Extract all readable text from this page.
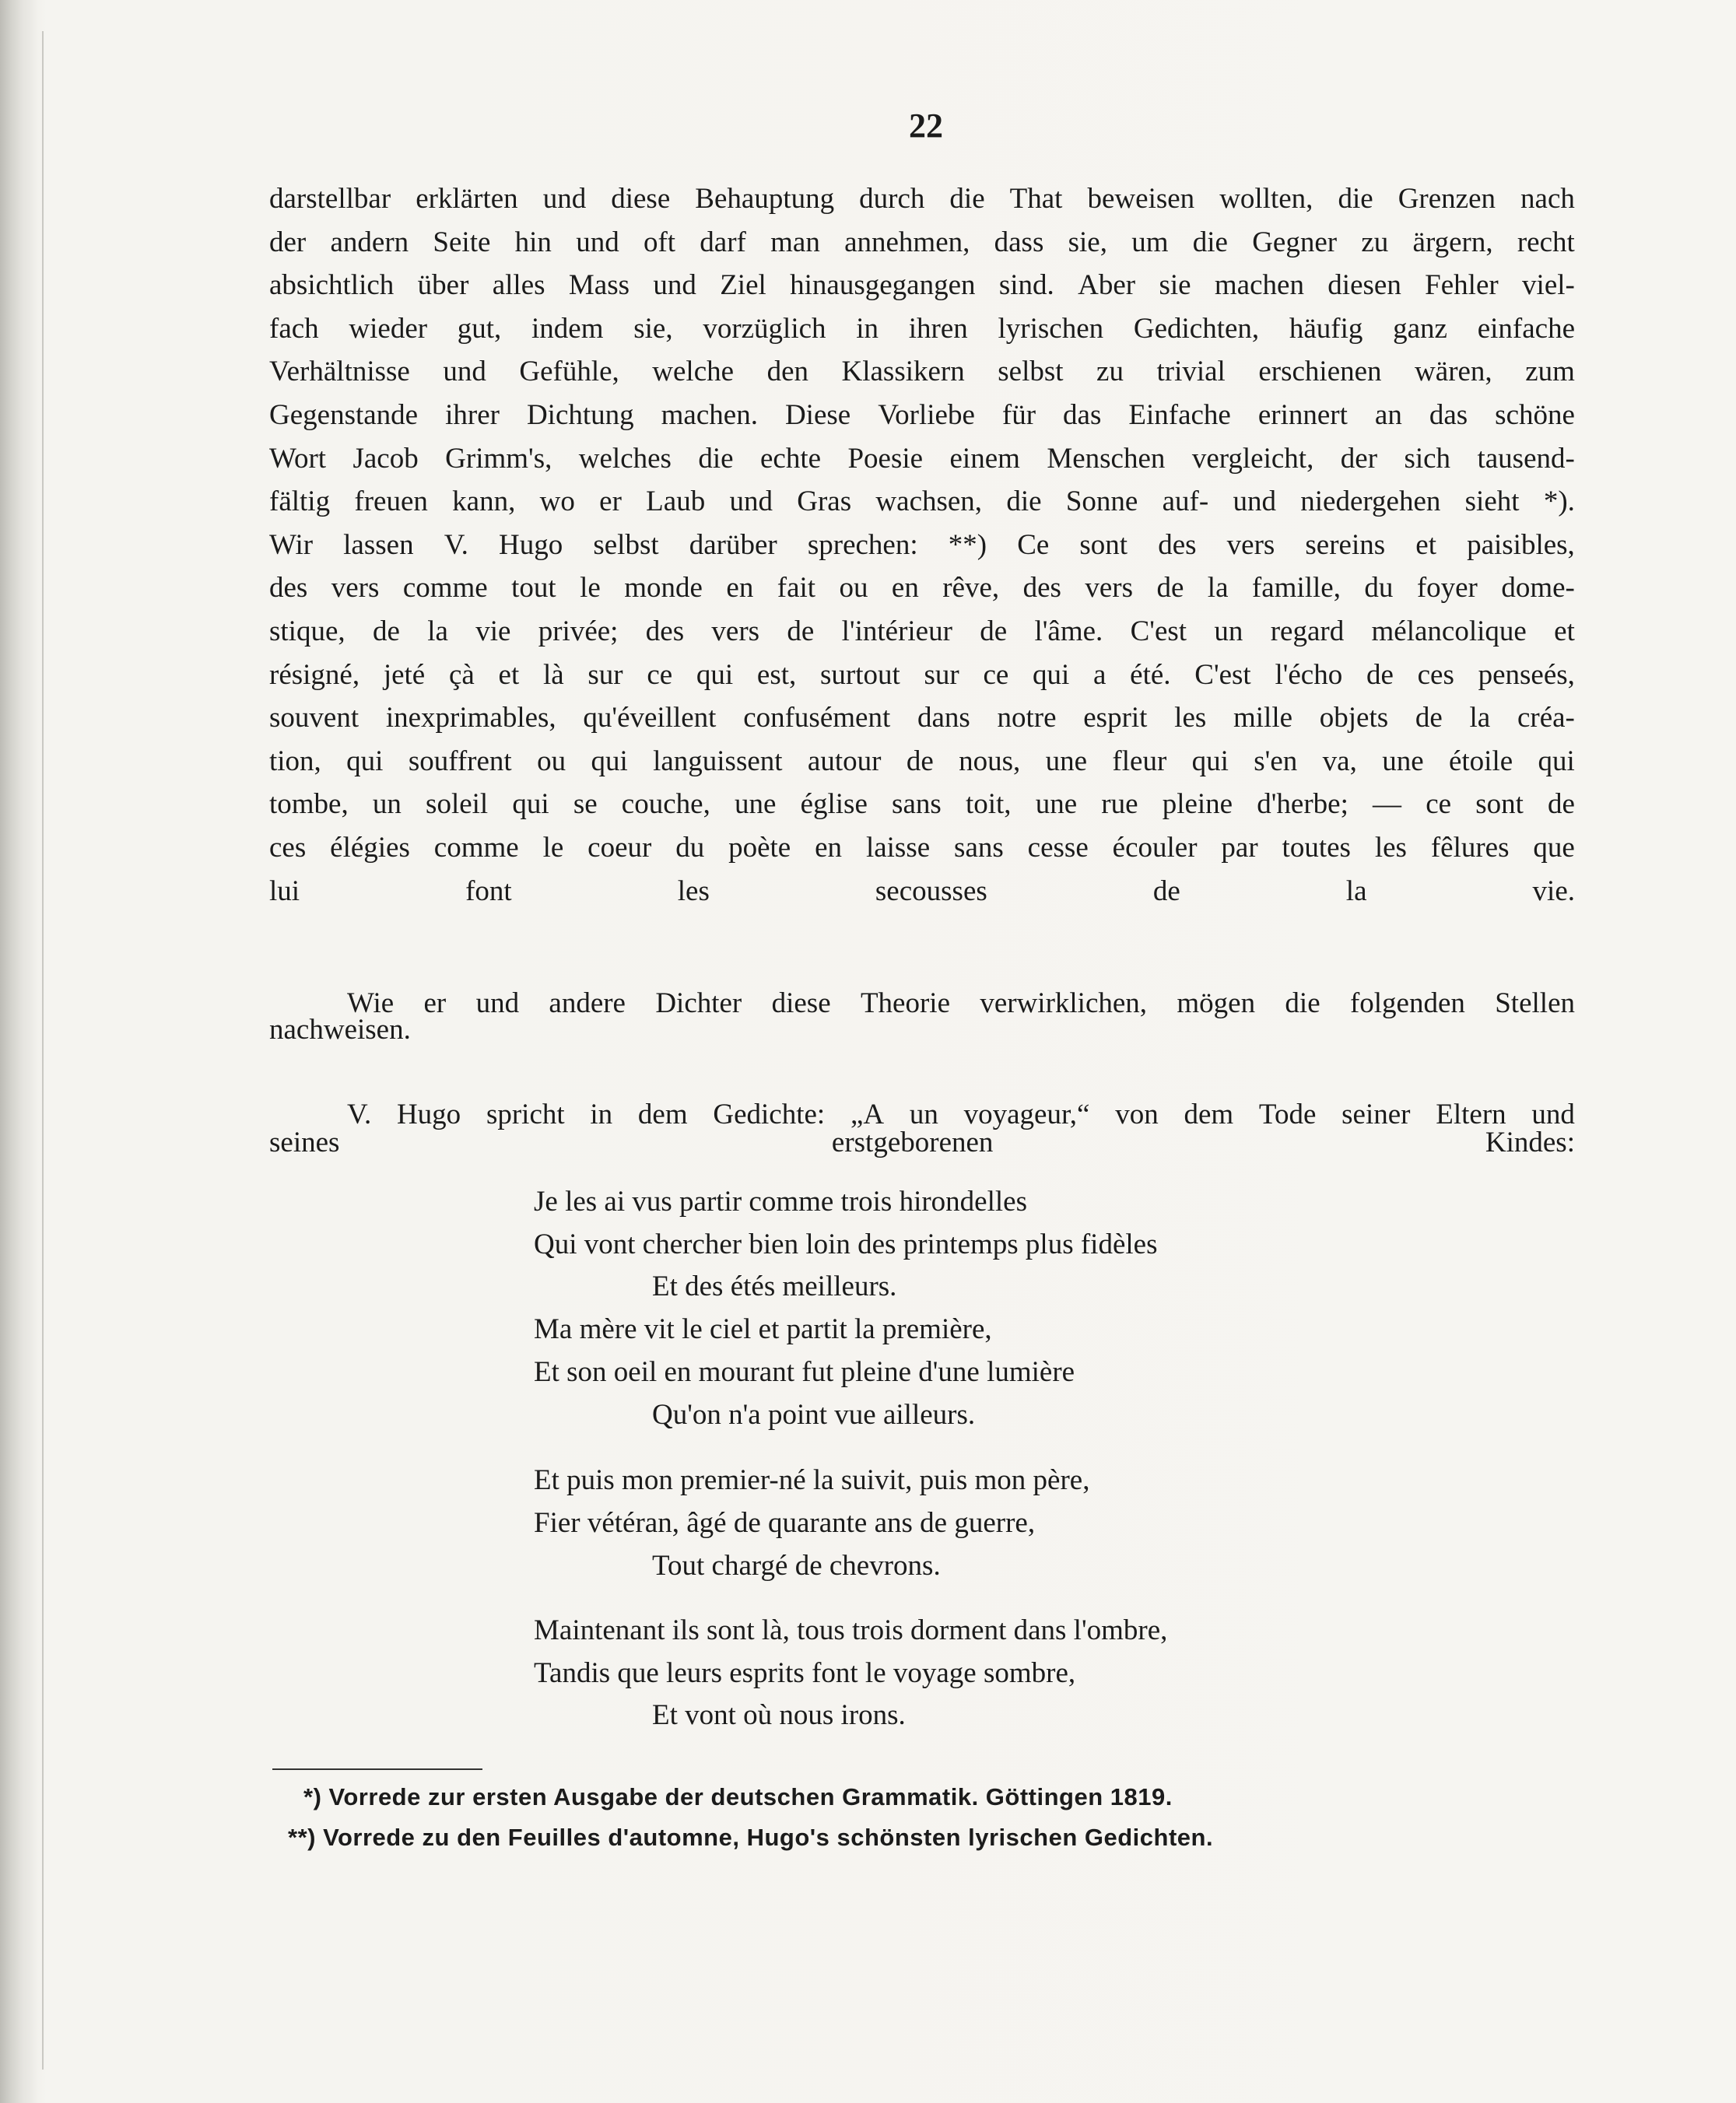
22
darstellbar erklärten und diese Behauptung durch die That beweisen wollten, die Grenzen nach
der andern Seite hin und oft darf man annehmen, dass sie, um die Gegner zu ärgern, recht
absichtlich über alles Mass und Ziel hinausgegangen sind. Aber sie machen diesen Fehler viel-
fach wieder gut, indem sie, vorzüglich in ihren lyrischen Gedichten, häufig ganz einfache
Verhältnisse und Gefühle, welche den Klassikern selbst zu trivial erschienen wären, zum
Gegenstande ihrer Dichtung machen. Diese Vorliebe für das Einfache erinnert an das schöne
Wort Jacob Grimm's, welches die echte Poesie einem Menschen vergleicht, der sich tausend-
fältig freuen kann, wo er Laub und Gras wachsen, die Sonne auf- und niedergehen sieht *).
Wir lassen V. Hugo selbst darüber sprechen: **) Ce sont des vers sereins et paisibles,
des vers comme tout le monde en fait ou en rêve, des vers de la famille, du foyer dome-
stique, de la vie privée; des vers de l'intérieur de l'âme. C'est un regard mélancolique et
résigné, jeté çà et là sur ce qui est, surtout sur ce qui a été. C'est l'écho de ces penseés,
souvent inexprimables, qu'éveillent confusément dans notre esprit les mille objets de la créa-
tion, qui souffrent ou qui languissent autour de nous, une fleur qui s'en va, une étoile qui
tombe, un soleil qui se couche, une église sans toit, une rue pleine d'herbe; — ce sont de
ces élégies comme le coeur du poète en laisse sans cesse écouler par toutes les fêlures que
lui font les secousses de la vie.
Wie er und andere Dichter diese Theorie verwirklichen, mögen die folgenden Stellen
nachweisen.
V. Hugo spricht in dem Gedichte: „A un voyageur,“ von dem Tode seiner Eltern und
seines erstgeborenen Kindes:
Je les ai vus partir comme trois hirondelles
Qui vont chercher bien loin des printemps plus fidèles
Et des étés meilleurs.
Ma mère vit le ciel et partit la première,
Et son oeil en mourant fut pleine d'une lumière
Qu'on n'a point vue ailleurs.
Et puis mon premier-né la suivit, puis mon père,
Fier vétéran, âgé de quarante ans de guerre,
Tout chargé de chevrons.
Maintenant ils sont là, tous trois dorment dans l'ombre,
Tandis que leurs esprits font le voyage sombre,
Et vont où nous irons.
*) Vorrede zur ersten Ausgabe der deutschen Grammatik. Göttingen 1819.
**) Vorrede zu den Feuilles d'automne, Hugo's schönsten lyrischen Gedichten.
